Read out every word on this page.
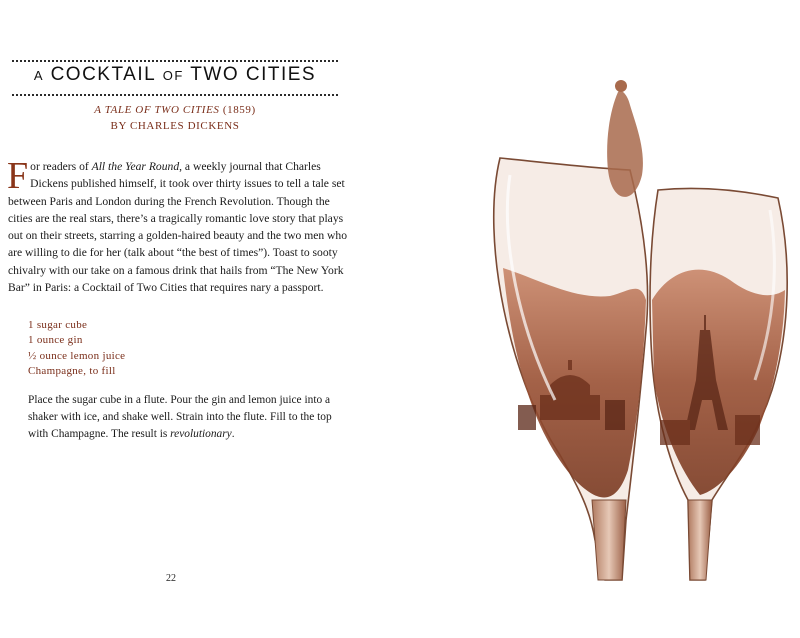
A COCKTAIL OF TWO CITIES
A TALE OF TWO CITIES (1859)
BY CHARLES DICKENS

For readers of All the Year Round, a weekly journal that Charles Dickens published himself, it took over thirty issues to tell a tale set between Paris and London during the French Revolution. Though the cities are the real stars, there’s a tragically romantic love story that plays out on their streets, starring a golden-haired beauty and the two men who are willing to die for her (talk about “the best of times”). Toast to sooty chivalry with our take on a famous drink that hails from “The New York Bar” in Paris: a Cocktail of Two Cities that requires nary a passport.

1 sugar cube
1 ounce gin
½ ounce lemon juice
Champagne, to fill

Place the sugar cube in a flute. Pour the gin and lemon juice into a shaker with ice, and shake well. Strain into the flute. Fill to the top with Champagne. The result is revolutionary.

22
